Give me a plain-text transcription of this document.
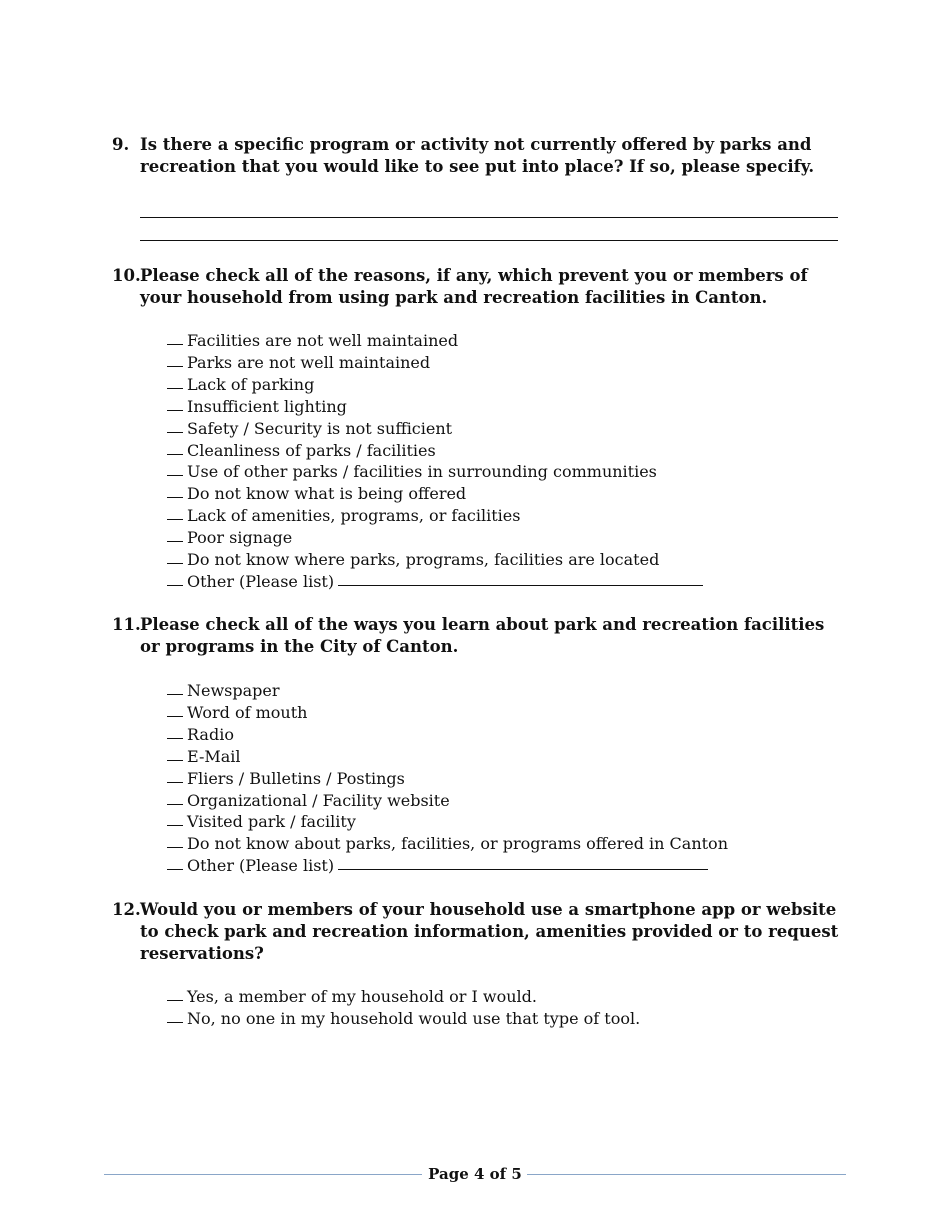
9. Is there a specific program or activity not currently offered by parks and recreation that you would like to see put into place? If so, please specify.
10. Please check all of the reasons, if any, which prevent you or members of your household from using park and recreation facilities in Canton.
Facilities are not well maintained
Parks are not well maintained
Lack of parking
Insufficient lighting
Safety / Security is not sufficient
Cleanliness of parks / facilities
Use of other parks / facilities in surrounding communities
Do not know what is being offered
Lack of amenities, programs, or facilities
Poor signage
Do not know where parks, programs, facilities are located
Other (Please list)
11. Please check all of the ways you learn about park and recreation facilities or programs in the City of Canton.
Newspaper
Word of mouth
Radio
E-Mail
Fliers / Bulletins / Postings
Organizational / Facility website
Visited park / facility
Do not know about parks, facilities, or programs offered in Canton
Other (Please list)
12. Would you or members of your household use a smartphone app or website to check park and recreation information, amenities provided or to request reservations?
Yes, a member of my household or I would.
No, no one in my household would use that type of tool.
Page 4 of 5
